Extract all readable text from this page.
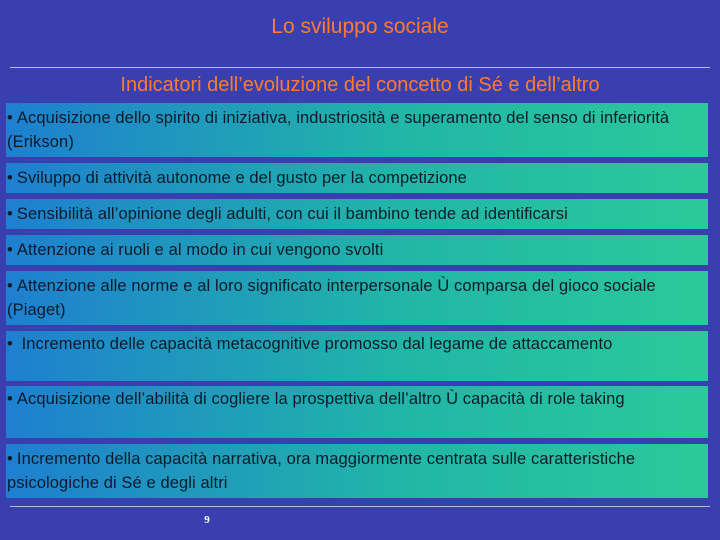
Lo sviluppo sociale
Indicatori dell’evoluzione del concetto di Sé e dell’altro
• Acquisizione dello spirito di iniziativa, industriosità e superamento del senso di inferiorità (Erikson)
• Sviluppo di attività autonome e del gusto per la competizione
• Sensibilità all’opinione degli adulti, con cui il bambino tende ad identificarsi
• Attenzione ai ruoli e al modo in cui vengono svolti
• Attenzione alle norme e al loro significato interpersonale Ù comparsa del gioco sociale (Piaget)
• Incremento delle capacità metacognitive promosso dal legame de attaccamento
• Acquisizione dell’abilità di cogliere la prospettiva dell’altro Ù capacità di role taking
• Incremento della capacità narrativa, ora maggiormente centrata sulle caratteristiche psicologiche di Sé e degli altri
9
